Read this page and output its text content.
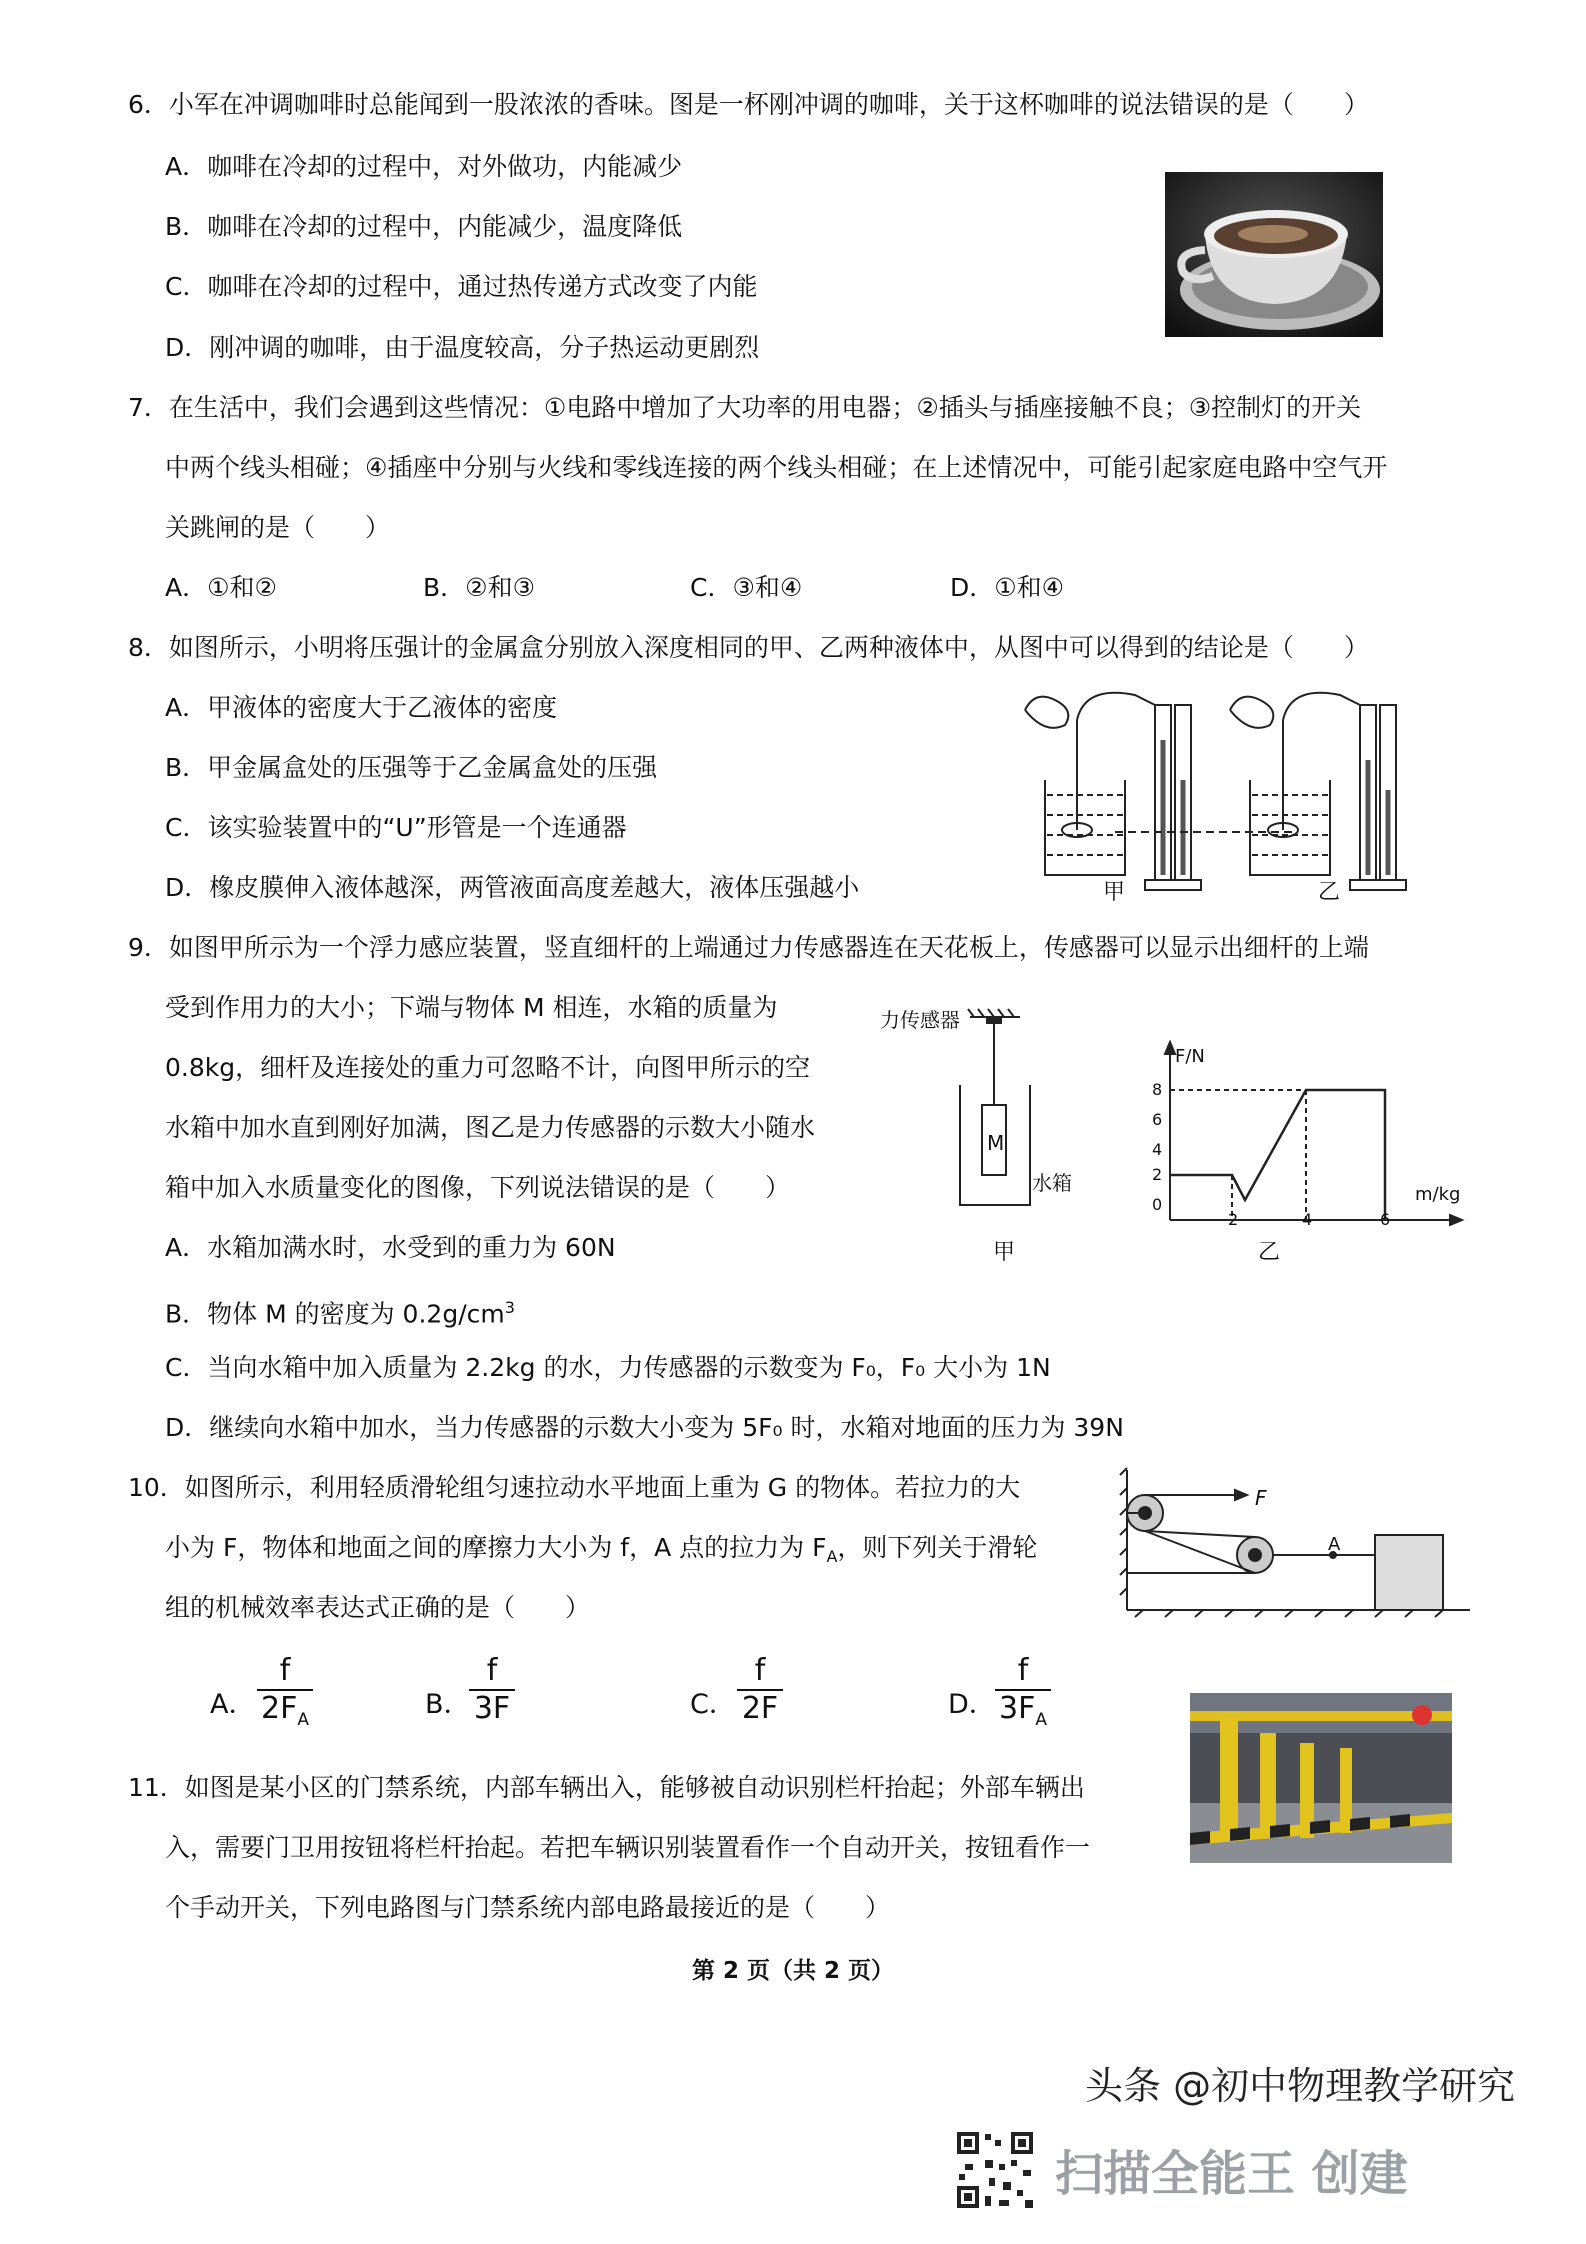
6．小军在冲调咖啡时总能闻到一股浓浓的香味。图是一杯刚冲调的咖啡，关于这杯咖啡的说法错误的是（　　）
A．咖啡在冷却的过程中，对外做功，内能减少
B．咖啡在冷却的过程中，内能减少，温度降低
C．咖啡在冷却的过程中，通过热传递方式改变了内能
D．刚冲调的咖啡，由于温度较高，分子热运动更剧烈
7．在生活中，我们会遇到这些情况：①电路中增加了大功率的用电器；②插头与插座接触不良；③控制灯的开关
中两个线头相碰；④插座中分别与火线和零线连接的两个线头相碰；在上述情况中，可能引起家庭电路中空气开
关跳闸的是（　　）
A．①和②	B．②和③	C．③和④	D．①和④
8．如图所示，小明将压强计的金属盒分别放入深度相同的甲、乙两种液体中，从图中可以得到的结论是（　　）
A．甲液体的密度大于乙液体的密度
B．甲金属盒处的压强等于乙金属盒处的压强
C．该实验装置中的“U”形管是一个连通器
D．橡皮膜伸入液体越深，两管液面高度差越大，液体压强越小	甲	乙
9．如图甲所示为一个浮力感应装置，竖直细杆的上端通过力传感器连在天花板上，传感器可以显示出细杆的上端
受到作用力的大小；下端与物体 M 相连，水箱的质量为
0.8kg，细杆及连接处的重力可忽略不计，向图甲所示的空
水箱中加水直到刚好加满，图乙是力传感器的示数大小随水
箱中加入水质量变化的图像，下列说法错误的是（　　）
A．水箱加满水时，水受到的重力为 60N
B．物体 M 的密度为 $0.2g/cm^3$
C．当向水箱中加入质量为 2.2kg 的水，力传感器的示数变为 F₀，F₀ 大小为 1N
D．继续向水箱中加水，当力传感器的示数大小变为 5F₀ 时，水箱对地面的压力为 39N
力传感器
M
水箱
甲
F/N
m/kg
8
6
4
2
0
2	4	6
乙
10．如图所示，利用轻质滑轮组匀速拉动水平地面上重为 G 的物体。若拉力的大
小为 F，物体和地面之间的摩擦力大小为 f，A 点的拉力为 $F_A$，则下列关于滑轮
组的机械效率表达式正确的是（　　）
F
A
A．
f
$2F_A$	B．
f
3F	C．
f
2F	D．
f
$3F_A$
11．如图是某小区的门禁系统，内部车辆出入，能够被自动识别栏杆抬起；外部车辆出
入，需要门卫用按钮将栏杆抬起。若把车辆识别装置看作一个自动开关，按钮看作一
个手动开关，下列电路图与门禁系统内部电路最接近的是（　　）
第 2 页（共 2 页）
头条 @初中物理教学研究
扫描全能王 创建
